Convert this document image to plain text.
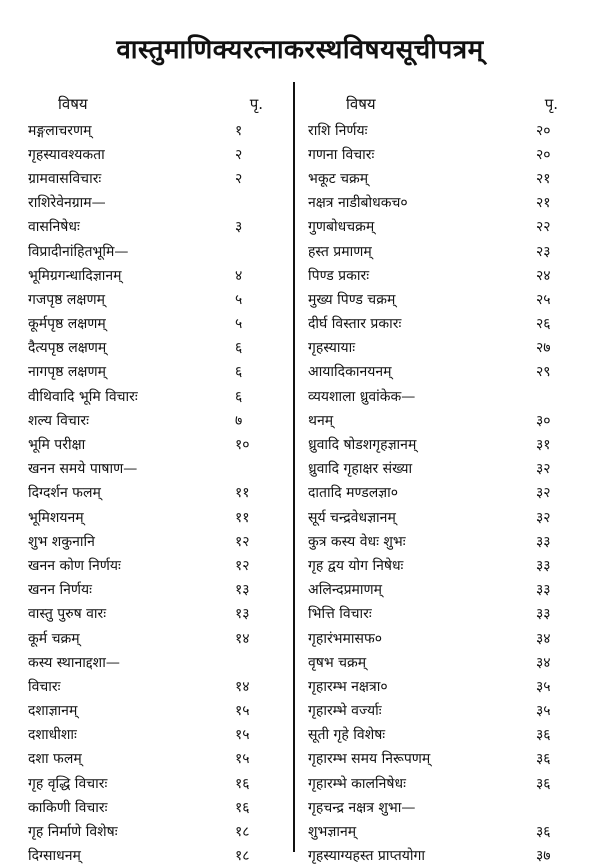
वास्तुमाणिक्यरत्नाकरस्थविषयसूचीपत्रम्
विषय	पृ.
मङ्गलाचरणम्	१
गृहस्यावश्यकता	२
ग्रामवासविचारः	२
राशिरेवेनग्राम—
वासनिषेधः	३
विप्रादीनांहितभूमि—
भूमिग्रगन्धादिज्ञानम्	४
गजपृष्ठ लक्षणम्	५
कूर्मपृष्ठ लक्षणम्	५
दैत्यपृष्ठ लक्षणम्	६
नागपृष्ठ लक्षणम्	६
वीथिवादि भूमि विचारः	६
शल्य विचारः	७
भूमि परीक्षा	१०
खनन समये पाषाण—
दिग्दर्शन फलम्	११
भूमिशयनम्	११
शुभ शकुनानि	१२
खनन कोण निर्णयः	१२
खनन निर्णयः	१३
वास्तु पुरुष वारः	१३
कूर्म चक्रम्	१४
कस्य स्थानाद्दशा—
विचारः	१४
दशाज्ञानम्	१५
दशाधीशाः	१५
दशा फलम्	१५
गृह वृद्धि विचारः	१६
काकिणी विचारः	१६
गृह निर्माणे विशेषः	१८
दिग्साधनम्	१८
विषय	पृ.
राशि निर्णयः	२०
गणना विचारः	२०
भकूट चक्रम्	२१
नक्षत्र नाडीबोधकच०	२१
गुणबोधचक्रम्	२२
हस्त प्रमाणम्	२३
पिण्ड प्रकारः	२४
मुख्य पिण्ड चक्रम्	२५
दीर्घ विस्तार प्रकारः	२६
गृहस्यायाः	२७
आयादिकानयनम्	२९
व्ययशाला ध्रुवांकेक—
थनम्	३०
ध्रुवादि षोडशगृहज्ञानम्	३१
ध्रुवादि गृहाक्षर संख्या	३२
दातादि मण्डलज्ञा०	३२
सूर्य चन्द्रवेधज्ञानम्	३२
कुत्र कस्य वेधः शुभः	३३
गृह द्वय योग निषेधः	३३
अलिन्दप्रमाणम्	३३
भित्ति विचारः	३३
गृहारंभमासफ०	३४
वृषभ चक्रम्	३४
गृहारम्भ नक्षत्रा०	३५
गृहारम्भे वर्ज्याः	३५
सूती गृहे विशेषः	३६
गृहारम्भ समय निरूपणम्	३६
गृहारम्भे कालनिषेधः	३६
गृहचन्द्र नक्षत्र शुभा—
शुभज्ञानम्	३६
गृहस्याग्यहस्त प्राप्तयोगा	३७
